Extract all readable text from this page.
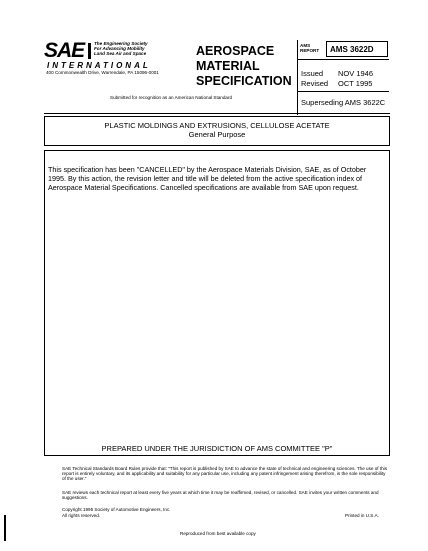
SAE The Engineering Society
For Advancing Mobility
Land Sea Air and Space
INTERNATIONAL
400 Commonwealth Drive, Warrendale, PA 15096-0001
AEROSPACE
MATERIAL
SPECIFICATION
Submitted for recognition as an American National Standard
AMS
REPORT	AMS 3622D
Issued NOV 1946
Revised OCT 1995
Superseding AMS 3622C
PLASTIC MOLDINGS AND EXTRUSIONS, CELLULOSE ACETATE
General Purpose
This specification has been "CANCELLED" by the Aerospace Materials Division, SAE, as of October 1995. By this action, the revision letter and title will be deleted from the active specification index of Aerospace Material Specifications. Cancelled specifications are available from SAE upon request.
PREPARED UNDER THE JURISDICTION OF AMS COMMITTEE "P"
SAE Technical Standards Board Rules provide that: "This report is published by SAE to advance the state of technical and engineering sciences. The use of this report is entirely voluntary, and its applicability and suitability for any particular use, including any patent infringement arising therefrom, is the sole responsibility of the user."
SAE reviews each technical report at least every five years at which time it may be reaffirmed, revised, or cancelled. SAE invites your written comments and suggestions.
Copyright 1995 Society of Automotive Engineers, Inc.
All rights reserved.	Printed in U.S.A.
Reproduced from best available copy
